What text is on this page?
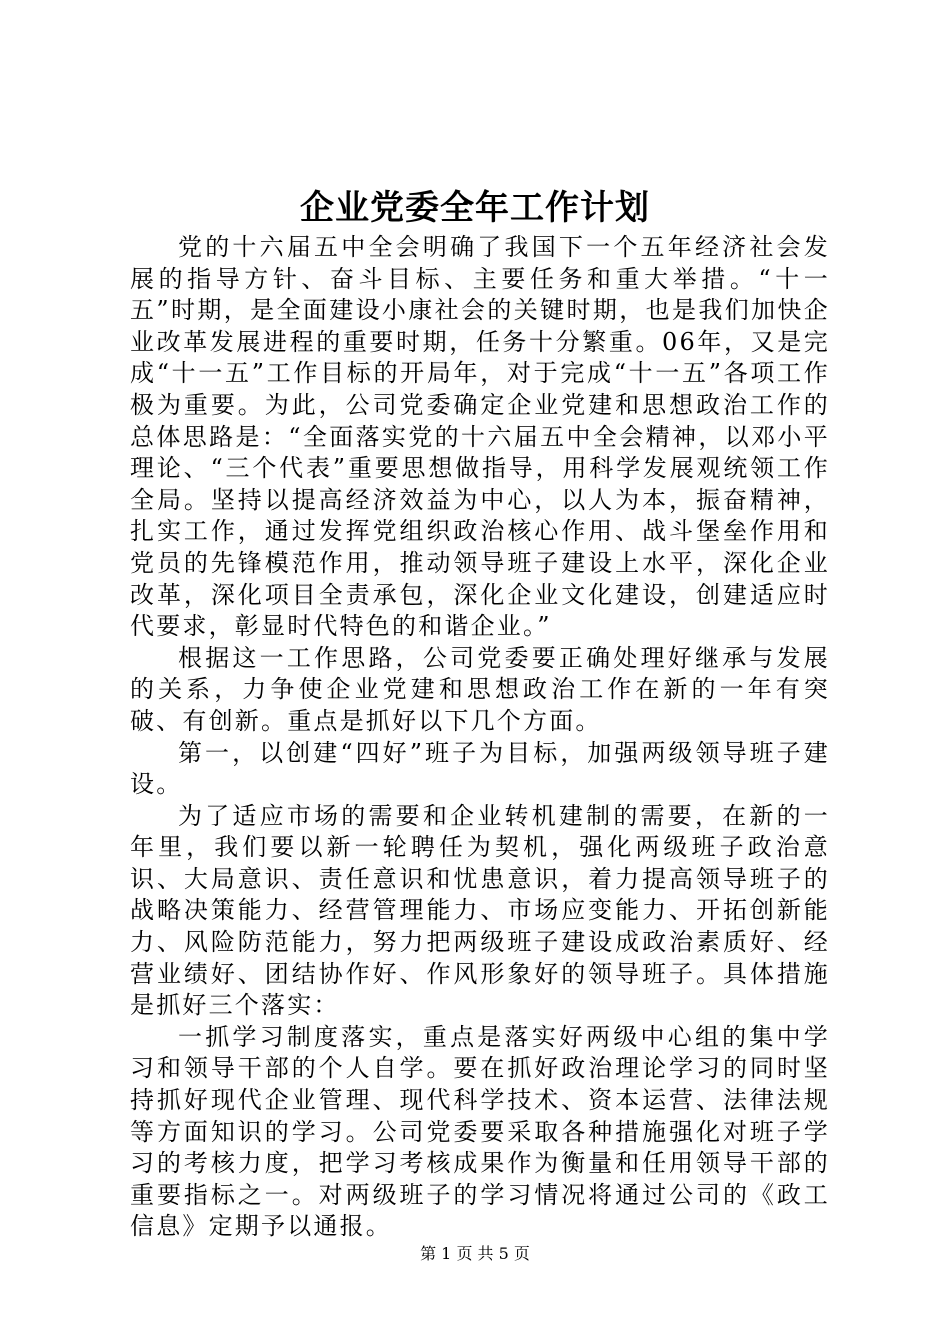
企业党委全年工作计划

党的十六届五中全会明确了我国下一个五年经济社会发展的指导方针、奋斗目标、主要任务和重大举措。“十一五”时期，是全面建设小康社会的关键时期，也是我们加快企业改革发展进程的重要时期，任务十分繁重。06年，又是完成“十一五”工作目标的开局年，对于完成“十一五”各项工作极为重要。为此，公司党委确定企业党建和思想政治工作的总体思路是：“全面落实党的十六届五中全会精神，以邓小平理论、“三个代表”重要思想做指导，用科学发展观统领工作全局。坚持以提高经济效益为中心，以人为本，振奋精神，扎实工作，通过发挥党组织政治核心作用、战斗堡垒作用和党员的先锋模范作用，推动领导班子建设上水平，深化企业改革，深化项目全责承包，深化企业文化建设，创建适应时代要求，彰显时代特色的和谐企业。”

根据这一工作思路，公司党委要正确处理好继承与发展的关系，力争使企业党建和思想政治工作在新的一年有突破、有创新。重点是抓好以下几个方面。

第一，以创建“四好”班子为目标，加强两级领导班子建设。

为了适应市场的需要和企业转机建制的需要，在新的一年里，我们要以新一轮聘任为契机，强化两级班子政治意识、大局意识、责任意识和忧患意识，着力提高领导班子的战略决策能力、经营管理能力、市场应变能力、开拓创新能力、风险防范能力，努力把两级班子建设成政治素质好、经营业绩好、团结协作好、作风形象好的领导班子。具体措施是抓好三个落实：

一抓学习制度落实，重点是落实好两级中心组的集中学习和领导干部的个人自学。要在抓好政治理论学习的同时坚持抓好现代企业管理、现代科学技术、资本运营、法律法规等方面知识的学习。公司党委要采取各种措施强化对班子学习的考核力度，把学习考核成果作为衡量和任用领导干部的重要指标之一。对两级班子的学习情况将通过公司的《政工信息》定期予以通报。

第 1 页 共 5 页
